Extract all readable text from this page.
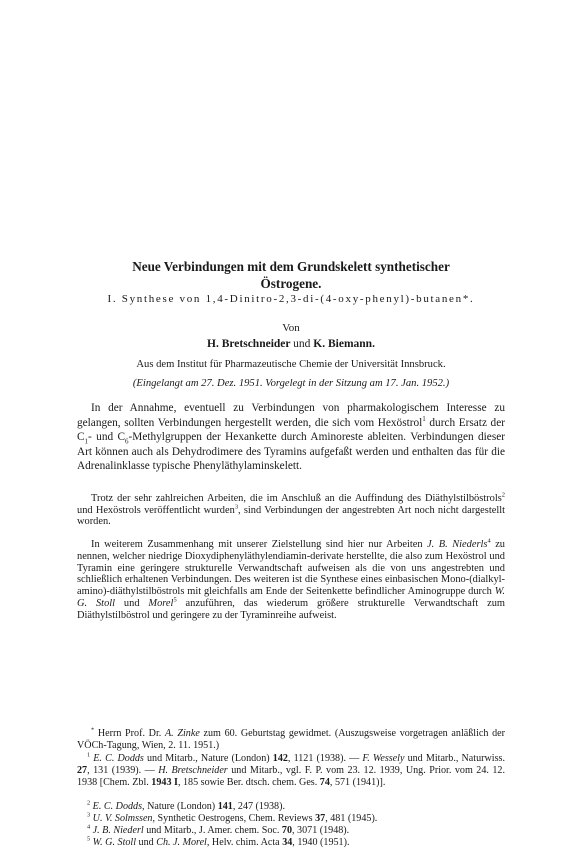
Neue Verbindungen mit dem Grundskelett synthetischer
Östrogene.
I. Synthese von 1,4-Dinitro-2,3-di-(4-oxy-phenyl)-butanen*.
Von
H. Bretschneider und K. Biemann.
Aus dem Institut für Pharmazeutische Chemie der Universität Innsbruck.
(Eingelangt am 27. Dez. 1951. Vorgelegt in der Sitzung am 17. Jan. 1952.)

In der Annahme, eventuell zu Verbindungen von pharmakologischem Interesse zu gelangen, sollten Verbindungen hergestellt werden, die sich vom Hexöstrol$^1$ durch Ersatz der $C_1-$ und $C_6$-Methylgruppen der Hexankette durch Aminoreste ableiten. Verbindungen dieser Art können auch als Dehydrodimere des Tyramins aufgefaßt werden und enthalten das für die Adrenalinklasse typische Phenyläthylaminskelett.

Trotz der sehr zahlreichen Arbeiten, die im Anschluß an die Auffindung des Diäthylstilböstrols$^2$ und Hexöstrols veröffentlicht wurden$^3$, sind Verbindungen der angestrebten Art noch nicht dargestellt worden.

In weiterem Zusammenhang mit unserer Zielstellung sind hier nur Arbeiten J. B. Niederls$^4$ zu nennen, welcher niedrige Dioxydiphenyläthylendiamin-derivate herstellte, die also zum Hexöstrol und Tyramin eine geringere strukturelle Verwandtschaft aufweisen als die von uns angestrebten und schließlich erhaltenen Verbindungen. Des weiteren ist die Synthese eines einbasischen Mono-(dialkyl-amino)-diäthylstilböstrols mit gleichfalls am Ende der Seitenkette befindlicher Aminogruppe durch W. G. Stoll und Morel$^5$ anzuführen, das wiederum größere strukturelle Verwandtschaft zum Diäthylstilböstrol und geringere zu der Tyraminreihe aufweist.

* Herrn Prof. Dr. A. Zinke zum 60. Geburtstag gewidmet. (Auszugsweise vorgetragen anläßlich der VÖCh-Tagung, Wien, 2. 11. 1951.)

$^1$ E. C. Dodds und Mitarb., Nature (London) 142, 1121 (1938). — F. Wessely und Mitarb., Naturwiss. 27, 131 (1939). — H. Bretschneider und Mitarb., vgl. F. P. vom 23. 12. 1939, Ung. Prior. vom 24. 12. 1938 [Chem. Zbl. 1943 I, 185 sowie Ber. dtsch. chem. Ges. 74, 571 (1941)].

$^2$ E. C. Dodds, Nature (London) 141, 247 (1938).

$^3$ U. V. Solmssen, Synthetic Oestrogens, Chem. Reviews 37, 481 (1945).

$^4$ J. B. Niederl und Mitarb., J. Amer. chem. Soc. 70, 3071 (1948).

$^5$ W. G. Stoll und Ch. J. Morel, Helv. chim. Acta 34, 1940 (1951).
